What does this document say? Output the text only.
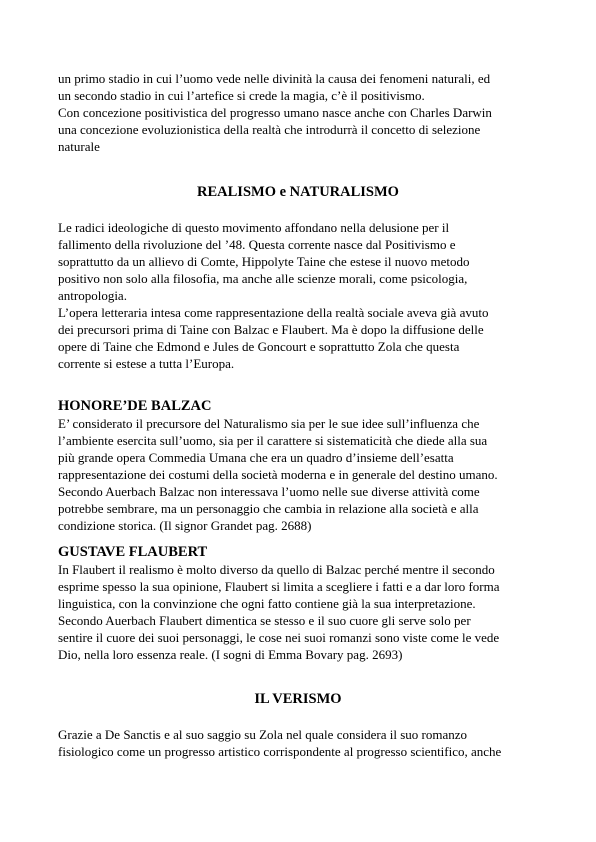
un primo stadio in cui l’uomo vede nelle divinità la causa dei fenomeni naturali, ed
un secondo stadio in cui l’artefice si crede la magia, c’è il positivismo.
Con concezione positivistica del progresso umano nasce anche con Charles Darwin
una concezione evoluzionistica della realtà che introdurrà il concetto di selezione
naturale
REALISMO e NATURALISMO
Le radici ideologiche di questo movimento affondano nella delusione per il
fallimento della rivoluzione del ’48. Questa corrente nasce dal Positivismo e
soprattutto da un allievo di Comte, Hippolyte Taine che estese il nuovo metodo
positivo non solo alla filosofia, ma anche alle scienze morali, come psicologia,
antropologia.
L’opera letteraria intesa come rappresentazione della realtà sociale aveva già avuto
dei precursori prima di Taine con Balzac e Flaubert. Ma è dopo la diffusione delle
opere di Taine che Edmond e Jules de Goncourt e soprattutto Zola che questa
corrente si estese a tutta l’Europa.
HONORE’DE BALZAC
E’ considerato il precursore del Naturalismo sia per le sue idee sull’influenza che
l’ambiente esercita sull’uomo, sia per il carattere si sistematicità che diede alla sua
più grande opera Commedia Umana che era un quadro d’insieme dell’esatta
rappresentazione dei costumi della società moderna e in generale del destino umano.
Secondo Auerbach Balzac non interessava l’uomo nelle sue diverse attività come
potrebbe sembrare, ma un personaggio che cambia in relazione alla società e alla
condizione storica. (Il signor Grandet pag. 2688)
GUSTAVE FLAUBERT
In Flaubert il realismo è molto diverso da quello di Balzac perché mentre il secondo
esprime spesso la sua opinione, Flaubert si limita a scegliere i fatti e a dar loro forma
linguistica, con la convinzione che ogni fatto contiene già la sua interpretazione.
Secondo Auerbach Flaubert dimentica se stesso e il suo cuore gli serve solo per
sentire il cuore dei suoi personaggi, le cose nei suoi romanzi sono viste come le vede
Dio, nella loro essenza reale. (I sogni di Emma Bovary pag. 2693)
IL VERISMO
Grazie a De Sanctis e al suo saggio su Zola nel quale considera il suo romanzo
fisiologico come un progresso artistico corrispondente al progresso scientifico, anche
